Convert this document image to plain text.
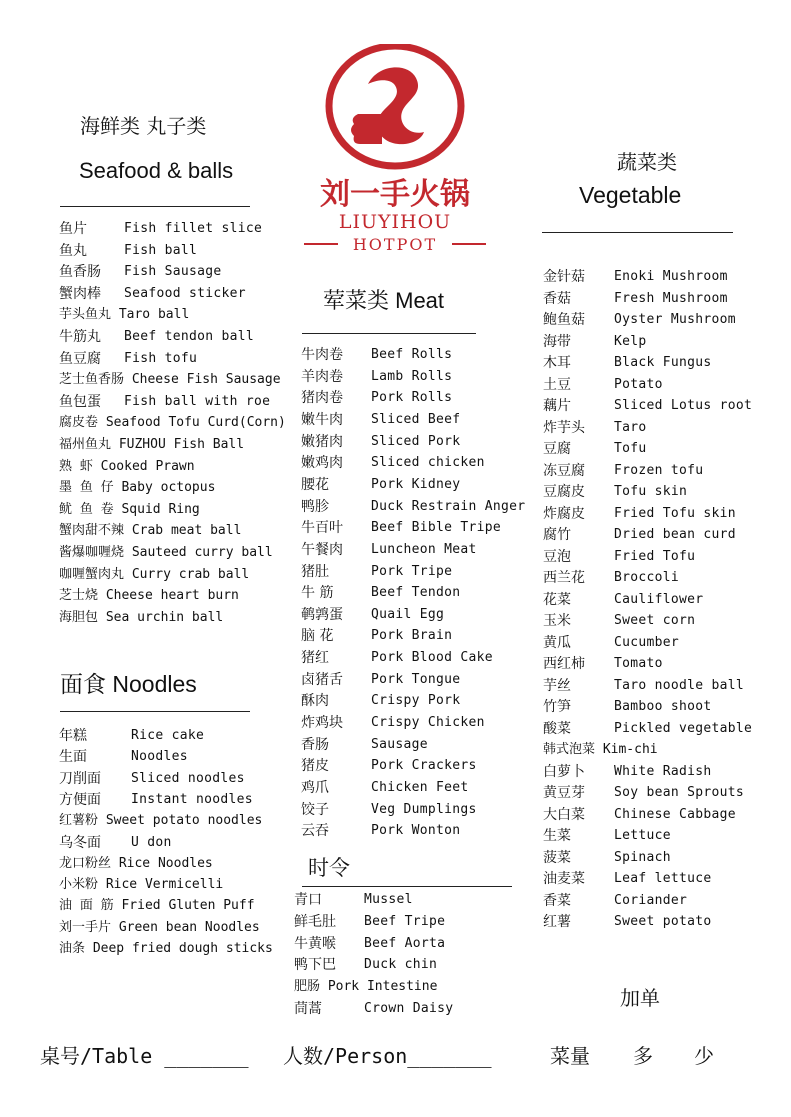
刘一手火锅
LIUYIHOU
HOTPOT
海鲜类 丸子类
Seafood & balls
鱼片	Fish fillet slice
鱼丸	Fish ball
鱼香肠 Fish Sausage
蟹肉棒 Seafood sticker
芋头鱼丸 Taro ball
牛筋丸 Beef tendon ball
鱼豆腐 Fish tofu
芝士鱼香肠 Cheese Fish Sausage
鱼包蛋 Fish ball with roe
腐皮卷 Seafood Tofu Curd(Corn)
福州鱼丸 FUZHOU Fish Ball
熟 虾 Cooked Prawn
墨 鱼 仔 Baby octopus
鱿 鱼 卷 Squid Ring
蟹肉甜不辣 Crab meat ball
酱爆咖喱烧 Sauteed curry ball
咖喱蟹肉丸 Curry crab ball
芝士烧 Cheese heart burn
海胆包 Sea urchin ball
面食 Noodles
年糕	Rice cake
生面	Noodles
刀削面 Sliced noodles
方便面 Instant noodles
红薯粉 Sweet potato noodles
乌冬面 U don
龙口粉丝 Rice Noodles
小米粉 Rice Vermicelli
油 面 筋 Fried Gluten Puff
刘一手片 Green bean Noodles
油条 Deep fried dough sticks
荤菜类 Meat
牛肉卷 Beef Rolls
羊肉卷 Lamb Rolls
猪肉卷 Pork Rolls
嫩牛肉 Sliced Beef
嫩猪肉 Sliced Pork
嫩鸡肉 Sliced chicken
腰花	Pork Kidney
鸭胗	Duck Restrain Anger
牛百叶 Beef Bible Tripe
午餐肉 Luncheon Meat
猪肚	Pork Tripe
牛 筋	Beef Tendon
鹌鹑蛋 Quail Egg
脑 花	Pork Brain
猪红	Pork Blood Cake
卤猪舌 Pork Tongue
酥肉	Crispy Pork
炸鸡块 Crispy Chicken
香肠	Sausage
猪皮	Pork Crackers
鸡爪	Chicken Feet
饺子	Veg Dumplings
云吞	Pork Wonton
时令
青口	Mussel
鲜毛肚 Beef Tripe
牛黄喉 Beef Aorta
鸭下巴 Duck chin
肥肠 Pork Intestine
茼蒿	Crown Daisy
蔬菜类
Vegetable
金针菇 Enoki Mushroom
香菇	Fresh Mushroom
鲍鱼菇 Oyster Mushroom
海带	Kelp
木耳	Black Fungus
土豆	Potato
藕片	Sliced Lotus root
炸芋头 Taro
豆腐	Tofu
冻豆腐 Frozen tofu
豆腐皮 Tofu skin
炸腐皮 Fried Tofu skin
腐竹	Dried bean curd
豆泡	Fried Tofu
西兰花 Broccoli
花菜	Cauliflower
玉米	Sweet corn
黄瓜	Cucumber
西红柿 Tomato
芋丝	Taro noodle ball
竹笋	Bamboo shoot
酸菜	Pickled vegetable
韩式泡菜 Kim-chi
白萝卜 White Radish
黄豆芽 Soy bean Sprouts
大白菜 Chinese Cabbage
生菜	Lettuce
菠菜	Spinach
油麦菜 Leaf lettuce
香菜	Coriander
红薯	Sweet potato
加单
桌号/Table _______ 人数/Person_______	菜量 多 少
